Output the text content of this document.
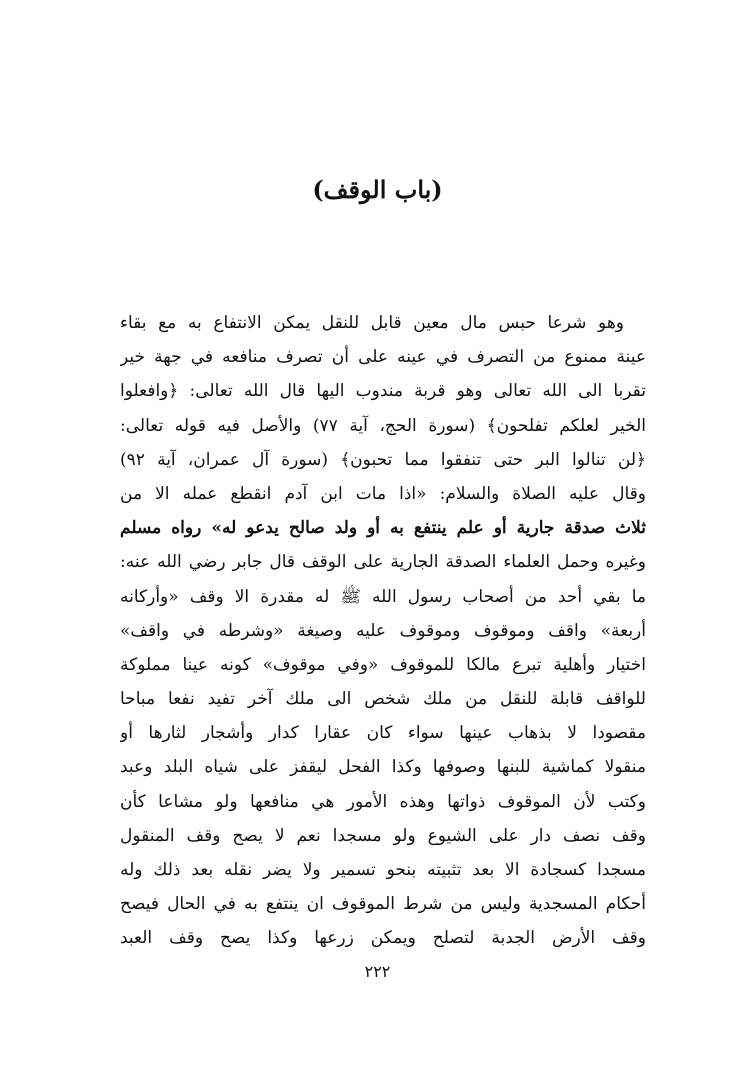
(باب الوقف)
وهو شرعا حبس مال معين قابل للنقل يمكن الانتفاع به مع بقاء
عينة ممنوع من التصرف في عينه على أن تصرف منافعه في جهة خير
تقربا الى الله تعالى وهو قربة مندوب اليها قال الله تعالى: ﴿وافعلوا
الخير لعلكم تفلحون﴾ (سورة الحج، آية ٧٧) والأصل فيه قوله تعالى:
﴿لن تنالوا البر حتى تنفقوا مما تحبون﴾ (سورة آل عمران، آية ٩٢)
وقال عليه الصلاة والسلام: «اذا مات ابن آدم انقطع عمله الا من
ثلاث صدقة جارية أو علم ينتفع به أو ولد صالح يدعو له» رواه مسلم
وغيره وحمل العلماء الصدقة الجارية على الوقف قال جابر رضي الله عنه:
ما بقي أحد من أصحاب رسول الله ﷺ له مقدرة الا وقف «وأركانه
أربعة» واقف وموقوف وموقوف عليه وصيغة «وشرطه في واقف»
اختيار وأهلية تبرع مالكا للموقوف «وفي موقوف» كونه عينا مملوكة
للواقف قابلة للنقل من ملك شخص الى ملك آخر تفيد نفعا مباحا
مقصودا لا بذهاب عينها سواء كان عقارا كدار وأشجار لثارها أو
منقولا كماشية للبنها وصوفها وكذا الفحل ليقفز على شياه البلد وعبد
وكتب لأن الموقوف ذواتها وهذه الأمور هي منافعها ولو مشاعا كأن
وقف نصف دار على الشيوع ولو مسجدا نعم لا يصح وقف المنقول
مسجدا كسجادة الا بعد تثبيته بنحو تسمير ولا يضر نقله بعد ذلك وله
أحكام المسجدية وليس من شرط الموقوف ان ينتفع به في الحال فيصح
وقف الأرض الجدبة لتصلح ويمكن زرعها وكذا يصح وقف العبد
٢٢٢
